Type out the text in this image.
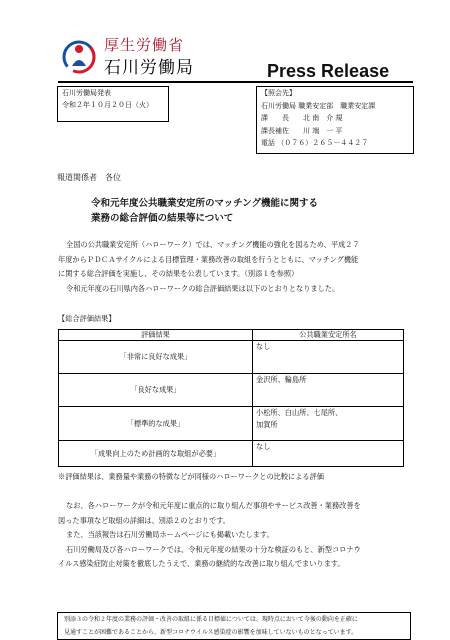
厚生労働省
石川労働局	Press Release
石川労働局発表
令和２年１０月２０日（火）
【照会先】
石川労働局 職業安定部　職業安定課
課　　長　　北 南　介 規
課長補佐　　川 端　一 平
電話 （０７６）２６５－４４２７
報道関係者　各位
令和元年度公共職業安定所のマッチング機能に関する
業務の総合評価の結果等について
全国の公共職業安定所（ハローワーク）では、マッチング機能の強化を図るため、平成２７
年度からＰＤＣＡサイクルによる目標管理・業務改善の取組を行うとともに、マッチング機能
に関する総合評価を実施し、その結果を公表しています。（別添１を参照）
令和元年度の石川県内各ハローワークの総合評価結果は以下のとおりとなりました。
【総合評価結果】
評価結果	公共職業安定所名
「非常に良好な成果」	なし

「良好な成果」	金沢所、輪島所

「標準的な成果」	小松所、白山所、七尾所、
加賀所

「成果向上のため計画的な取組が必要」	なし
※評価結果は、業務量や業務の特徴などが同様のハローワークとの比較による評価
なお、各ハローワークが令和元年度に重点的に取り組んだ事項やサービス改善・業務改善を
図った事項など取組の詳細は、別添２のとおりです。
また、当該報告は石川労働局ホームページにも掲載いたします。
石川労働局及び各ハローワークでは、令和元年度の結果の十分な検証のもと、新型コロナウ
イルス感染症防止対策を徹底したうえで、業務の継続的な改善に取り組んでまいります。
別添３の令和２年度の業務の評価・改善の取組に係る目標値については、現時点において今後の動向を正確に
見通すことが困難であることから、新型コロナウイルス感染症の影響を加味していないものとなっています。
